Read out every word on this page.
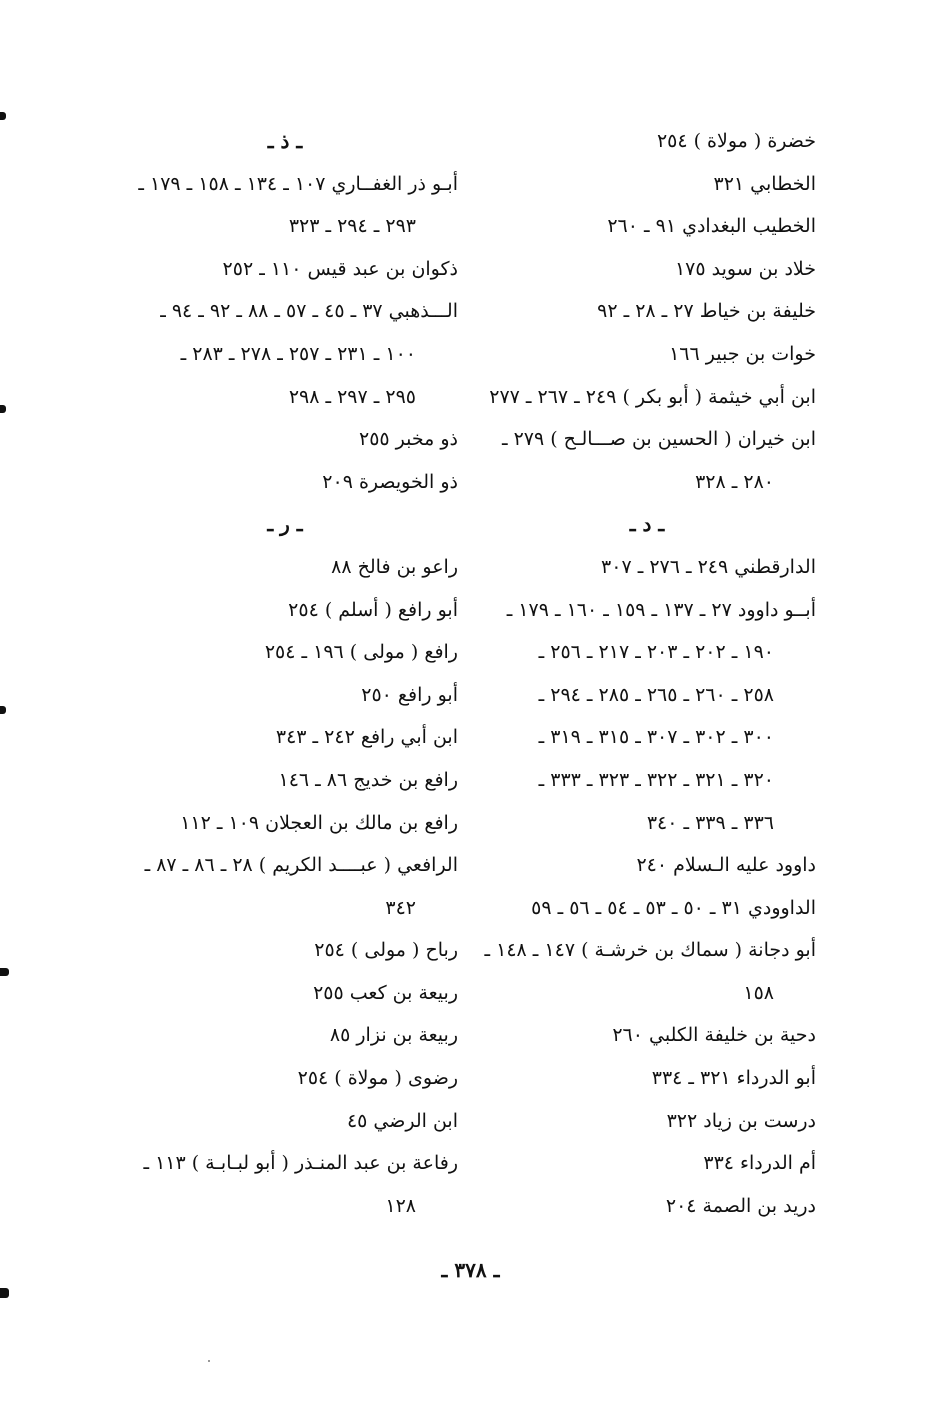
خضرة ( مولاة ) ٢٥٤
الخطابي ٣٢١
الخطيب البغدادي ٩١ ـ ٢٦٠
خلاد بن سويد ١٧٥
خليفة بن خياط ٢٧ ـ ٢٨ ـ ٩٢
خوات بن جبير ١٦٦
ابن أبي خيثمة ( أبو بكر ) ٢٤٩ ـ ٢٦٧ ـ ٢٧٧
ابن خيران ( الحسين بن صـــالـح ) ٢٧٩ ـ
٢٨٠ ـ ٣٢٨
ـ د ـ
الدارقطني ٢٤٩ ـ ٢٧٦ ـ ٣٠٧
أبــو داوود ٢٧ ـ ١٣٧ ـ ١٥٩ ـ ١٦٠ ـ ١٧٩ ـ
١٩٠ ـ ٢٠٢ ـ ٢٠٣ ـ ٢١٧ ـ ٢٥٦ ـ
٢٥٨ ـ ٢٦٠ ـ ٢٦٥ ـ ٢٨٥ ـ ٢٩٤ ـ
٣٠٠ ـ ٣٠٢ ـ ٣٠٧ ـ ٣١٥ ـ ٣١٩ ـ
٣٢٠ ـ ٣٢١ ـ ٣٢٢ ـ ٣٢٣ ـ ٣٣٣ ـ
٣٣٦ ـ ٣٣٩ ـ ٣٤٠
داوود عليه الـسلام ٢٤٠
الداوودي ٣١ ـ ٥٠ ـ ٥٣ ـ ٥٤ ـ ٥٦ ـ ٥٩
أبو دجانة ( سماك بن خرشـة ) ١٤٧ ـ ١٤٨ ـ
١٥٨
دحية بن خليفة الكلبي ٢٦٠
أبو الدرداء ٣٢١ ـ ٣٣٤
درست بن زياد ٣٢٢
أم الدرداء ٣٣٤
دريد بن الصمة ٢٠٤
ـ ذ ـ
أبـو ذر الغفــاري ١٠٧ ـ ١٣٤ ـ ١٥٨ ـ ١٧٩ ـ
٢٩٣ ـ ٢٩٤ ـ ٣٢٣
ذكوان بن عبد قيس ١١٠ ـ ٢٥٢
الـــذهبي ٣٧ ـ ٤٥ ـ ٥٧ ـ ٨٨ ـ ٩٢ ـ ٩٤ ـ
١٠٠ ـ ٢٣١ ـ ٢٥٧ ـ ٢٧٨ ـ ٢٨٣ ـ
٢٩٥ ـ ٢٩٧ ـ ٢٩٨
ذو مخبر ٢٥٥
ذو الخويصرة ٢٠٩
ـ ر ـ
راعو بن فالخ ٨٨
أبو رافع ( أسلم ) ٢٥٤
رافع ( مولى ) ١٩٦ ـ ٢٥٤
أبو رافع ٢٥٠
ابن أبي رافع ٢٤٢ ـ ٣٤٣
رافع بن خديج ٨٦ ـ ١٤٦
رافع بن مالك بن العجلان ١٠٩ ـ ١١٢
الرافعي ( عبــــد الكريم ) ٢٨ ـ ٨٦ ـ ٨٧ ـ
٣٤٢
رباح ( مولى ) ٢٥٤
ربيعة بن كعب ٢٥٥
ربيعة بن نزار ٨٥
رضوى ( مولاة ) ٢٥٤
ابن الرضي ٤٥
رفاعة بن عبد المنـذر ( أبو لبـابـة ) ١١٣ ـ
١٢٨
ـ ٣٧٨ ـ
